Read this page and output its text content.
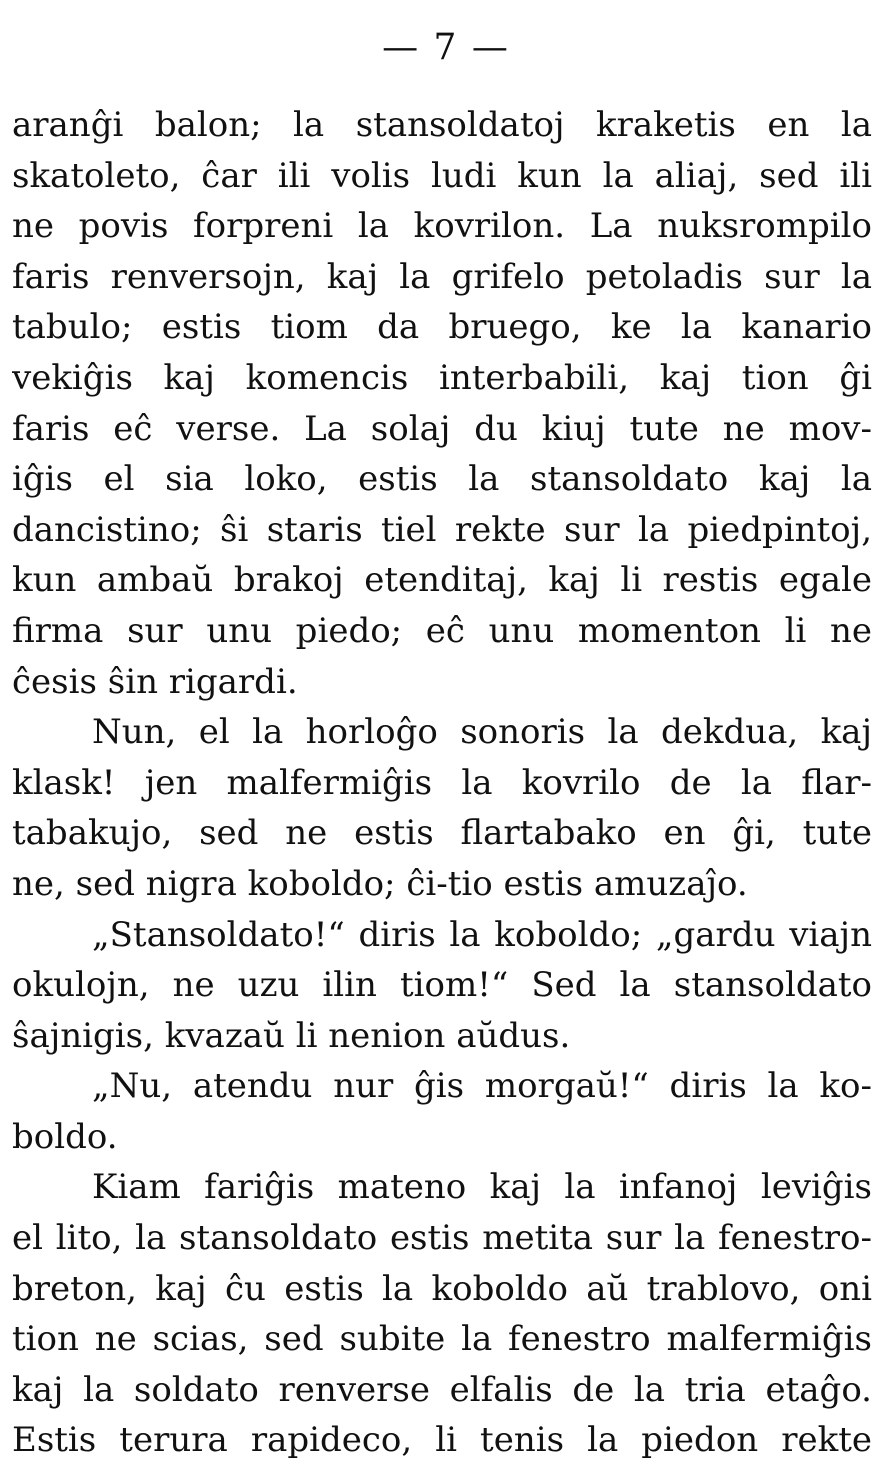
— 7 —
aranĝi balon; la stansoldatoj kraketis en la
skatoleto, ĉar ili volis ludi kun la aliaj, sed ili
ne povis forpreni la kovrilon. La nuksrompilo
faris renversojn, kaj la grifelo petoladis sur la
tabulo; estis tiom da bruego, ke la kanario
vekiĝis kaj komencis interbabili, kaj tion ĝi
faris eĉ verse. La solaj du kiuj tute ne mov-
iĝis el sia loko, estis la stansoldato kaj la
dancistino; ŝi staris tiel rekte sur la piedpintoj,
kun ambaŭ brakoj etenditaj, kaj li restis egale
firma sur unu piedo; eĉ unu momenton li ne
ĉesis ŝin rigardi.
Nun, el la horloĝo sonoris la dekdua, kaj
klask! jen malfermiĝis la kovrilo de la flar-
tabakujo, sed ne estis flartabako en ĝi, tute
ne, sed nigra koboldo; ĉi-tio estis amuzaĵo.
„Stansoldato!“ diris la koboldo; „gardu viajn
okulojn, ne uzu ilin tiom!“ Sed la stansoldato
ŝajnigis, kvazaŭ li nenion aŭdus.
„Nu, atendu nur ĝis morgaŭ!“ diris la ko-
boldo.
Kiam fariĝis mateno kaj la infanoj leviĝis
el lito, la stansoldato estis metita sur la fenestro-
breton, kaj ĉu estis la koboldo aŭ trablovo, oni
tion ne scias, sed subite la fenestro malfermiĝis
kaj la soldato renverse elfalis de la tria etaĝo.
Estis terura rapideco, li tenis la piedon rekte
